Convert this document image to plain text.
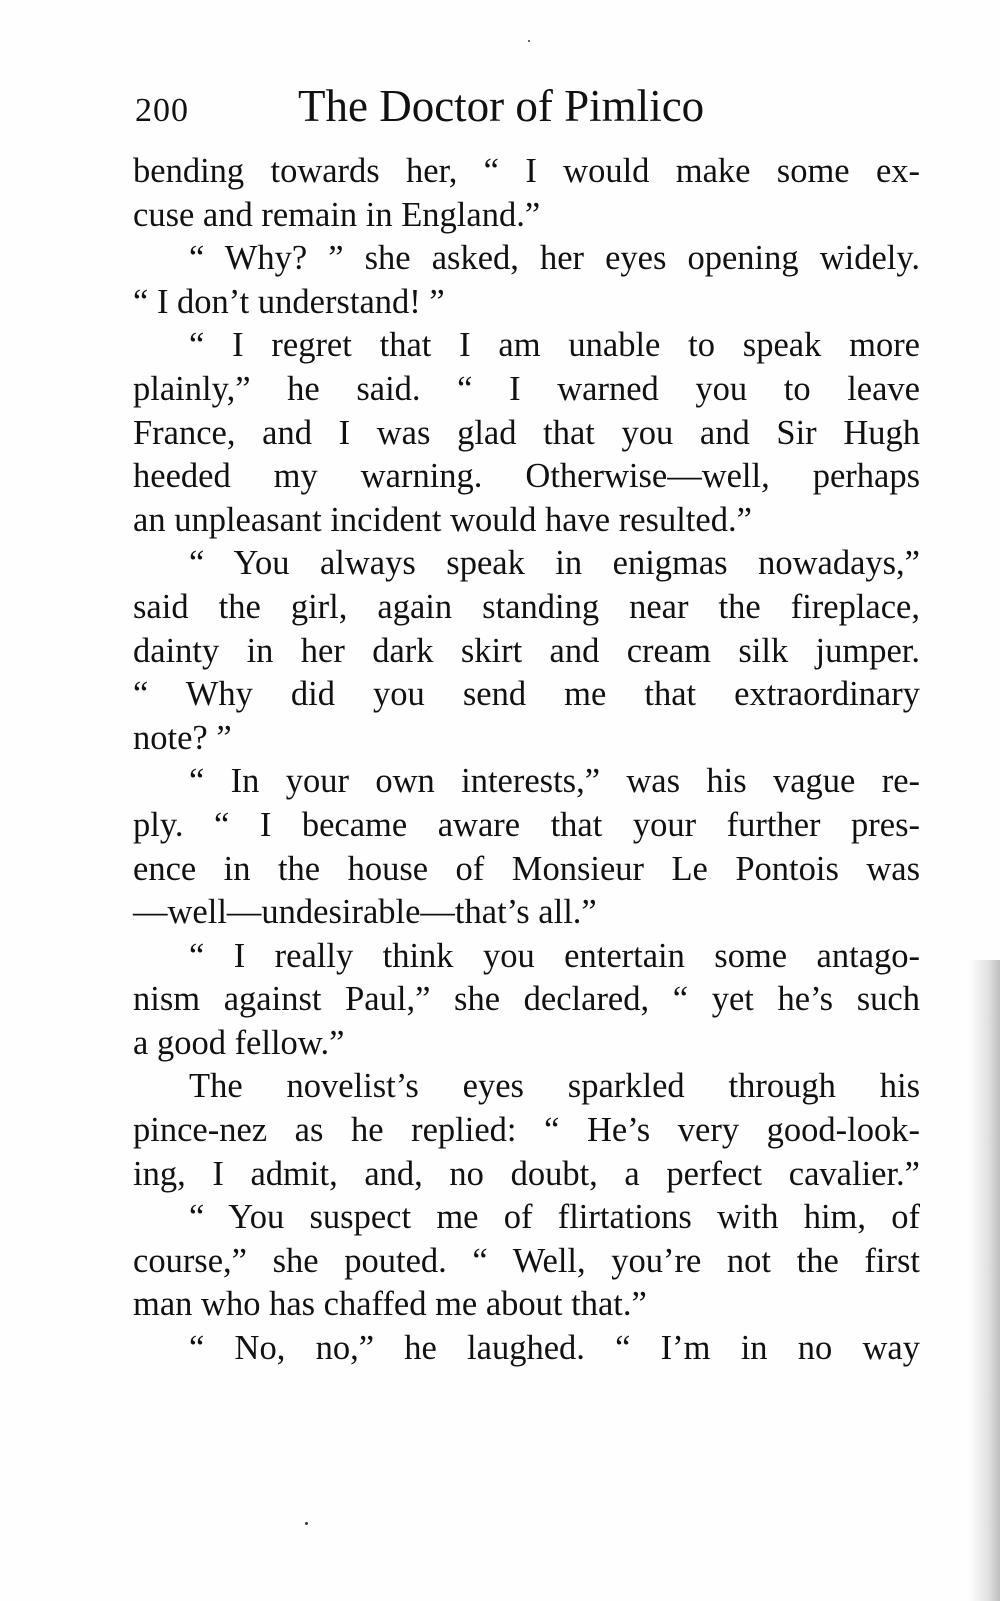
200 The Doctor of Pimlico
bending towards her, “ I would make some ex-
cuse and remain in England.”
“ Why? ” she asked, her eyes opening widely.
“ I don’t understand! ”
“ I regret that I am unable to speak more
plainly,” he said. “ I warned you to leave
France, and I was glad that you and Sir Hugh
heeded my warning. Otherwise—well, perhaps
an unpleasant incident would have resulted.”
“ You always speak in enigmas nowadays,”
said the girl, again standing near the fireplace,
dainty in her dark skirt and cream silk jumper.
“ Why did you send me that extraordinary
note? ”
“ In your own interests,” was his vague re-
ply. “ I became aware that your further pres-
ence in the house of Monsieur Le Pontois was
—well—undesirable—that’s all.”
“ I really think you entertain some antago-
nism against Paul,” she declared, “ yet he’s such
a good fellow.”
The novelist’s eyes sparkled through his
pince-nez as he replied: “ He’s very good-look-
ing, I admit, and, no doubt, a perfect cavalier.”
“ You suspect me of flirtations with him, of
course,” she pouted. “ Well, you’re not the first
man who has chaffed me about that.”
“ No, no,” he laughed. “ I’m in no way
